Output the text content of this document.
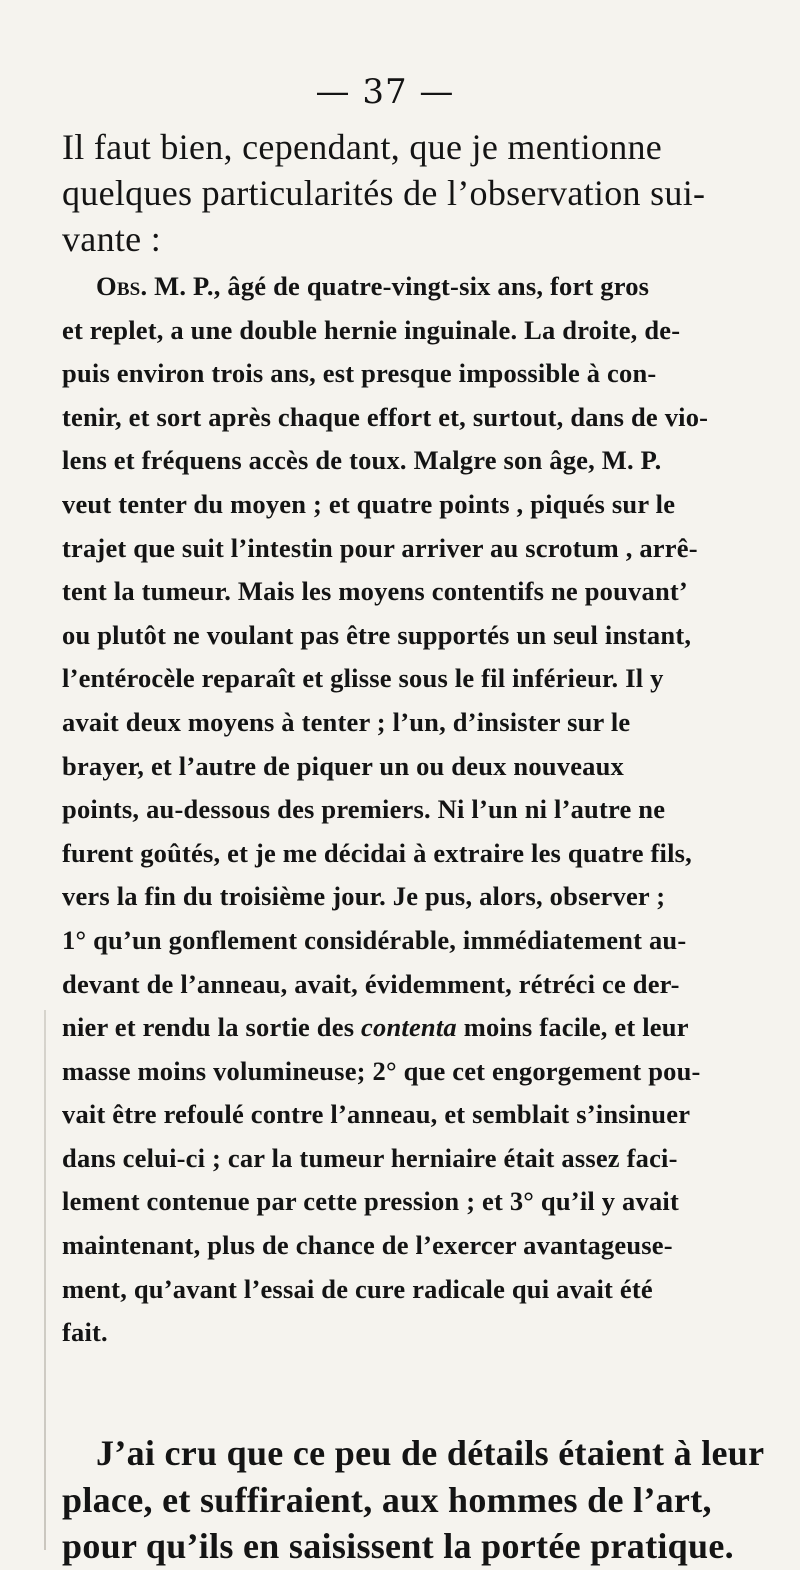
— 37 —
Il faut bien, cependant, que je mentionne
quelques particularités de l’observation sui-
vante :
Obs. M. P., âgé de quatre-vingt-six ans, fort gros
et replet, a une double hernie inguinale. La droite, de-
puis environ trois ans, est presque impossible à con-
tenir, et sort après chaque effort et, surtout, dans de vio-
lens et fréquens accès de toux. Malgre son âge, M. P.
veut tenter du moyen ; et quatre points , piqués sur le
trajet que suit l’intestin pour arriver au scrotum , arrê-
tent la tumeur. Mais les moyens contentifs ne pouvant’
ou plutôt ne voulant pas être supportés un seul instant,
l’entérocèle reparaît et glisse sous le fil inférieur. Il y
avait deux moyens à tenter ; l’un, d’insister sur le
brayer, et l’autre de piquer un ou deux nouveaux
points, au-dessous des premiers. Ni l’un ni l’autre ne
furent goûtés, et je me décidai à extraire les quatre fils,
vers la fin du troisième jour. Je pus, alors, observer ;
1° qu’un gonflement considérable, immédiatement au-
devant de l’anneau, avait, évidemment, rétréci ce der-
nier et rendu la sortie des contenta moins facile, et leur
masse moins volumineuse; 2° que cet engorgement pou-
vait être refoulé contre l’anneau, et semblait s’insinuer
dans celui-ci ; car la tumeur herniaire était assez faci-
lement contenue par cette pression ; et 3° qu’il y avait
maintenant, plus de chance de l’exercer avantageuse-
ment, qu’avant l’essai de cure radicale qui avait été
fait.
J’ai cru que ce peu de détails étaient à leur
place, et suffiraient, aux hommes de l’art,
pour qu’ils en saisissent la portée pratique.
